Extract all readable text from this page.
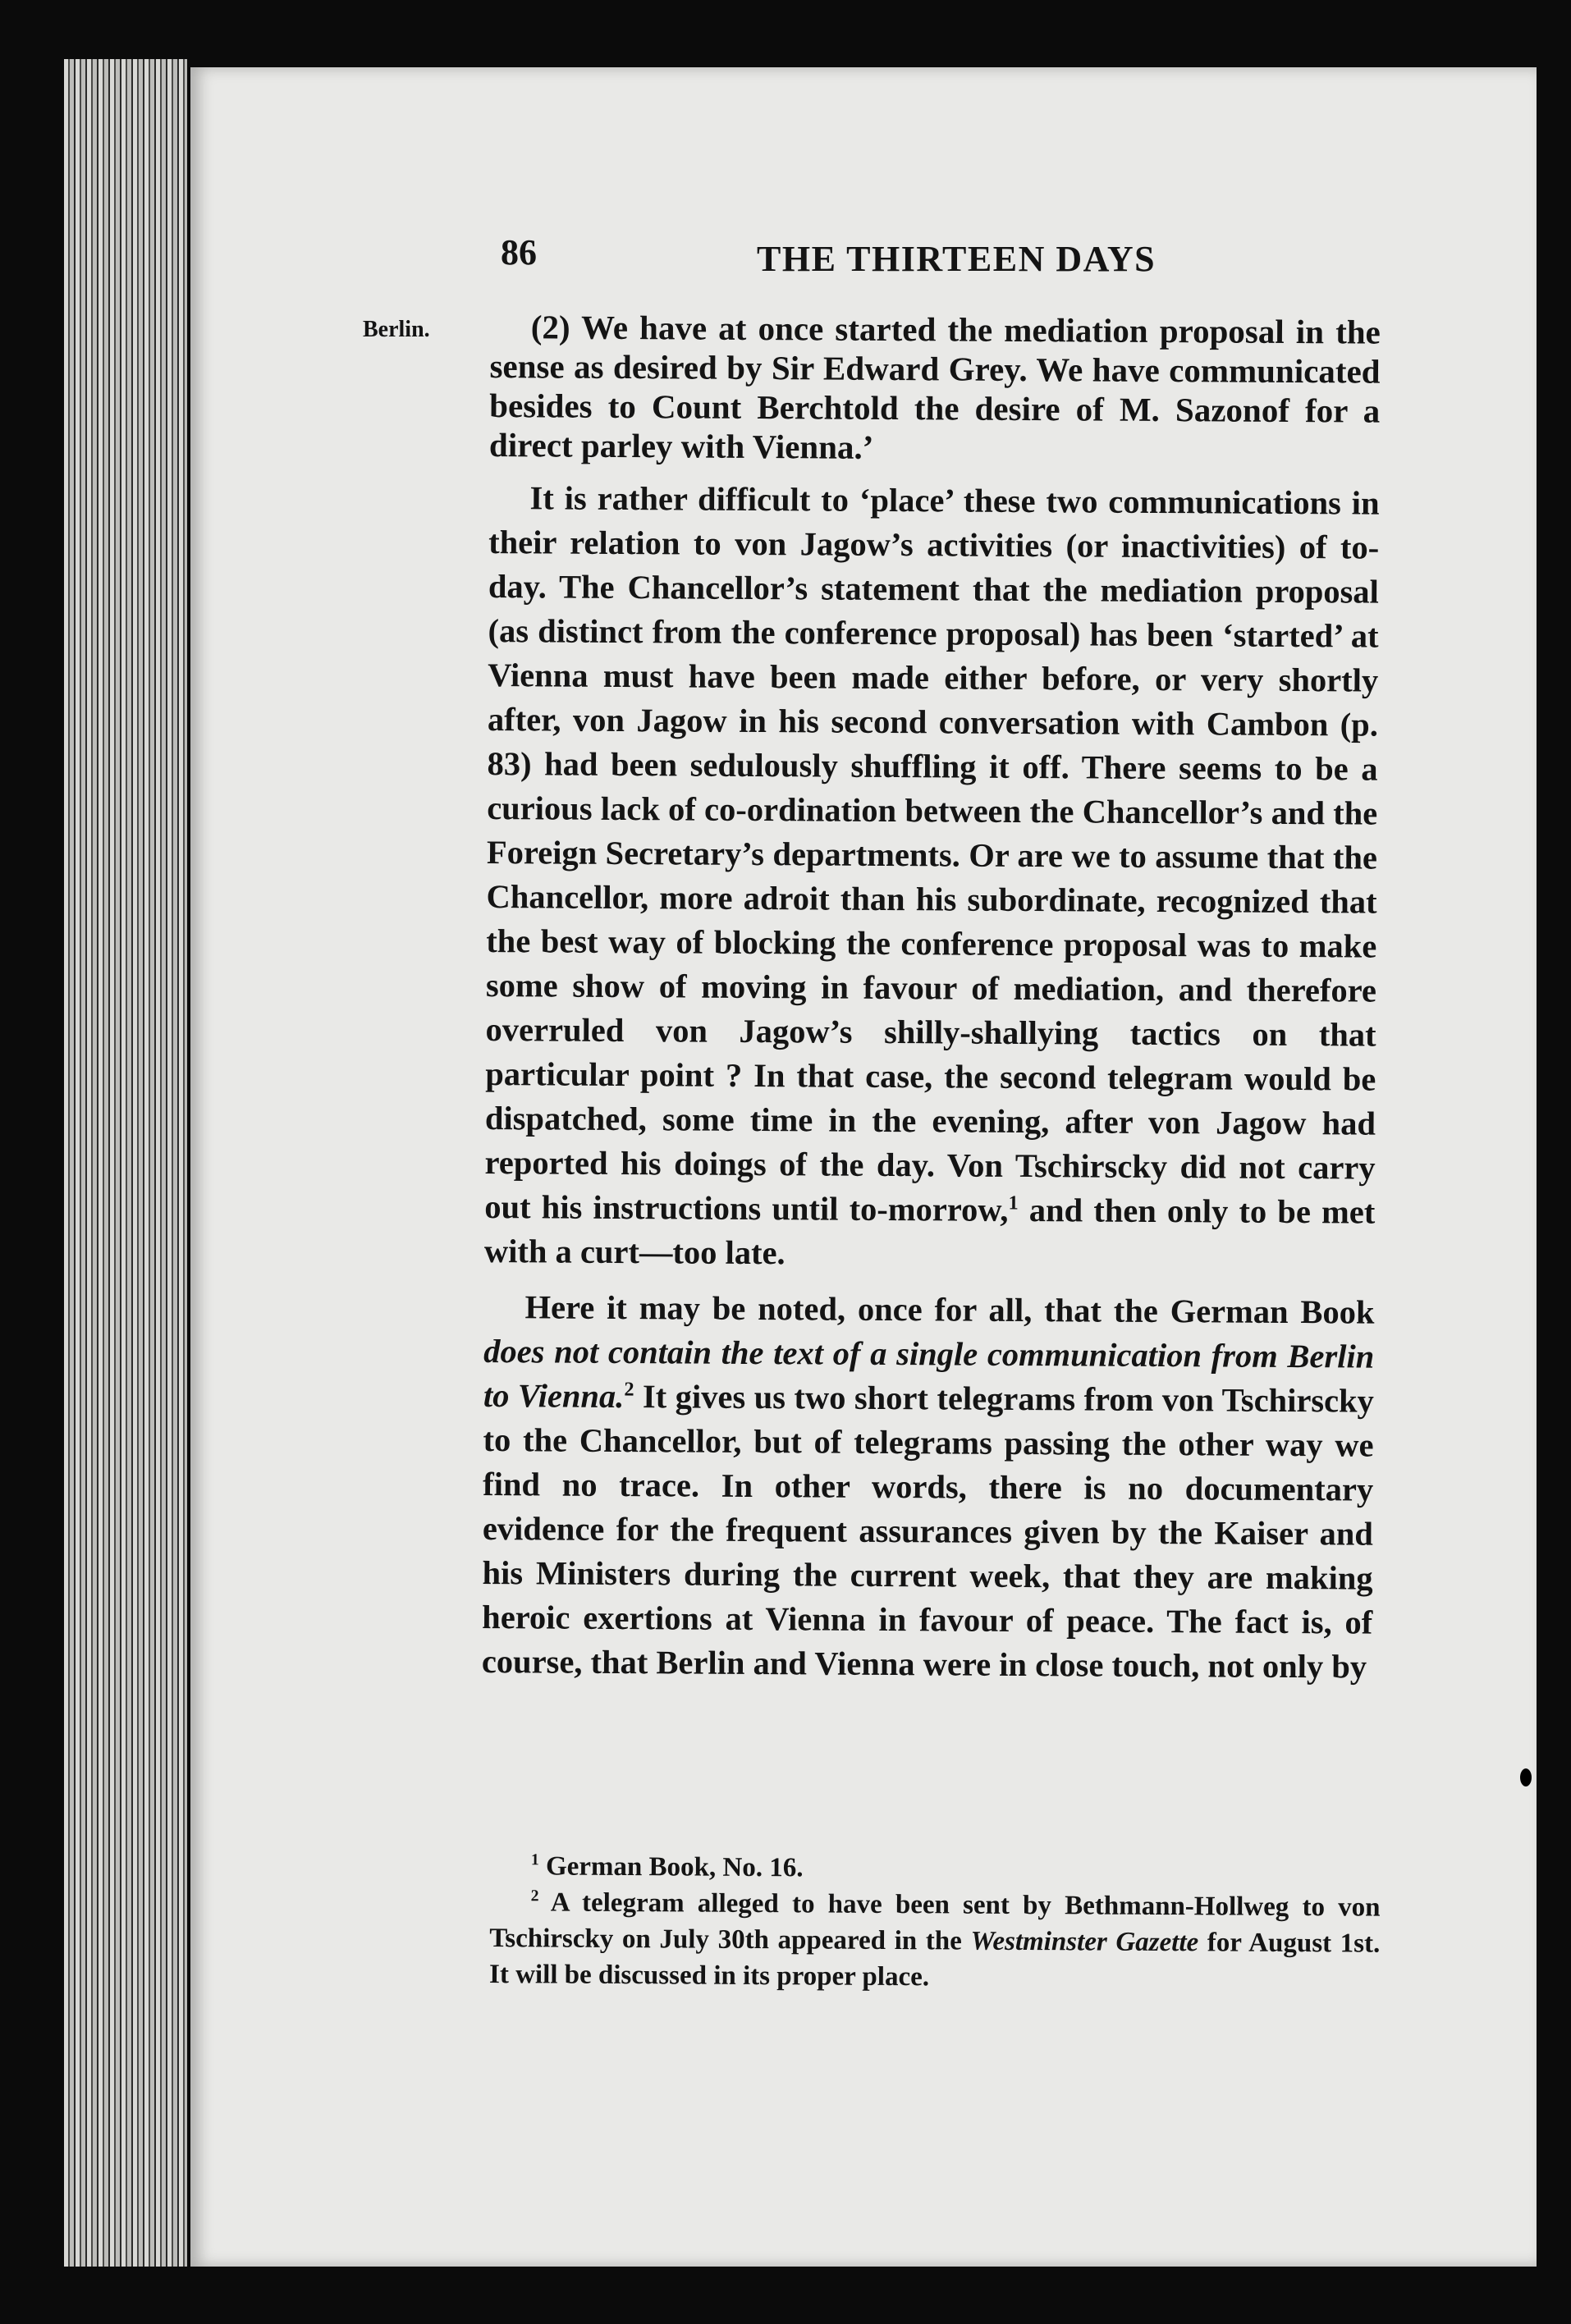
86	THE THIRTEEN DAYS

Berlin.	(2) We have at once started the mediation proposal in the sense as desired by Sir Edward Grey. We have communicated besides to Count Berchtold the desire of M. Sazonof for a direct parley with Vienna.’

It is rather difficult to ‘place’ these two communications in their relation to von Jagow’s activities (or inactivities) of to-day. The Chancellor’s statement that the mediation proposal (as distinct from the conference proposal) has been ‘started’ at Vienna must have been made either before, or very shortly after, von Jagow in his second conversation with Cambon (p. 83) had been sedulously shuffling it off. There seems to be a curious lack of co-ordination between the Chancellor’s and the Foreign Secretary’s departments. Or are we to assume that the Chancellor, more adroit than his subordinate, recognized that the best way of blocking the conference proposal was to make some show of moving in favour of mediation, and therefore overruled von Jagow’s shilly-shallying tactics on that particular point ? In that case, the second telegram would be dispatched, some time in the evening, after von Jagow had reported his doings of the day. Von Tschirscky did not carry out his instructions until to-morrow,$^1$ and then only to be met with a curt—too late.

Here it may be noted, once for all, that the German Book does not contain the text of a single communication from Berlin to Vienna.$^2$ It gives us two short telegrams from von Tschirscky to the Chancellor, but of telegrams passing the other way we find no trace. In other words, there is no documentary evidence for the frequent assurances given by the Kaiser and his Ministers during the current week, that they are making heroic exertions at Vienna in favour of peace. The fact is, of course, that Berlin and Vienna were in close touch, not only by

$^1$ German Book, No. 16.

$^2$ A telegram alleged to have been sent by Bethmann-Hollweg to von Tschirscky on July 30th appeared in the Westminster Gazette for August 1st. It will be discussed in its proper place.
